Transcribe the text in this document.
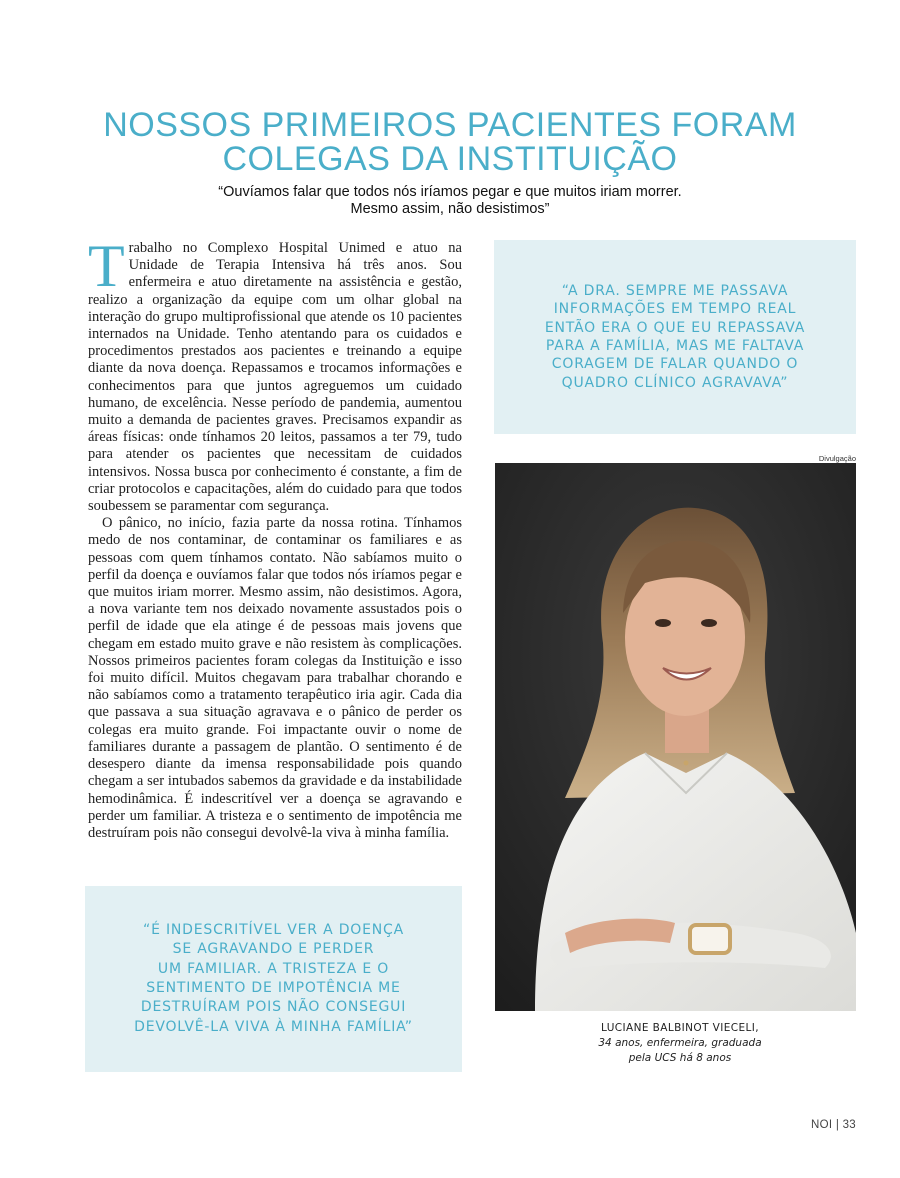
NOSSOS PRIMEIROS PACIENTES FORAM
COLEGAS DA INSTITUIÇÃO
“Ouvíamos falar que todos nós iríamos pegar e que muitos iriam morrer.
Mesmo assim, não desistimos”

Trabalho no Complexo Hospital Unimed e atuo na Unidade de Terapia Intensiva há três anos. Sou enfermeira e atuo diretamente na assistência e gestão, realizo a organização da equipe com um olhar global na interação do grupo multiprofissional que atende os 10 pacientes internados na Unidade. Tenho atentando para os cuidados e procedimentos prestados aos pacientes e treinando a equipe diante da nova doença. Repassamos e trocamos informações e conhecimentos para que juntos agreguemos um cuidado humano, de excelência. Nesse período de pandemia, aumentou muito a demanda de pacientes graves. Precisamos expandir as áreas físicas: onde tínhamos 20 leitos, passamos a ter 79, tudo para atender os pacientes que necessitam de cuidados intensivos. Nossa busca por conhecimento é constante, a fim de criar protocolos e capacitações, além do cuidado para que todos soubessem se paramentar com segurança.

O pânico, no início, fazia parte da nossa rotina. Tínhamos medo de nos contaminar, de contaminar os familiares e as pessoas com quem tínhamos contato. Não sabíamos muito o perfil da doença e ouvíamos falar que todos nós iríamos pegar e que muitos iriam morrer. Mesmo assim, não desistimos. Agora, a nova variante tem nos deixado novamente assustados pois o perfil de idade que ela atinge é de pessoas mais jovens que chegam em estado muito grave e não resistem às complicações. Nossos primeiros pacientes foram colegas da Instituição e isso foi muito difícil. Muitos chegavam para trabalhar chorando e não sabíamos como a tratamento terapêutico iria agir. Cada dia que passava a sua situação agravava e o pânico de perder os colegas era muito grande. Foi impactante ouvir o nome de familiares durante a passagem de plantão. O sentimento é de desespero diante da imensa responsabilidade pois quando chegam a ser intubados sabemos da gravidade e da instabilidade hemodinâmica. É indescritível ver a doença se agravando e perder um familiar. A tristeza e o sentimento de impotência me destruíram pois não consegui devolvê-la viva à minha família.

“A DRA. SEMPRE ME PASSAVA
INFORMAÇÕES EM TEMPO REAL
ENTÃO ERA O QUE EU REPASSAVA
PARA A FAMÍLIA, MAS ME FALTAVA
CORAGEM DE FALAR QUANDO O
QUADRO CLÍNICO AGRAVAVA”
Divulgação
LUCIANE BALBINOT VIECELI,
34 anos, enfermeira, graduada
pela UCS há 8 anos
“É INDESCRITÍVEL VER A DOENÇA
SE AGRAVANDO E PERDER
UM FAMILIAR. A TRISTEZA E O
SENTIMENTO DE IMPOTÊNCIA ME
DESTRUÍRAM POIS NÃO CONSEGUI
DEVOLVÊ-LA VIVA À MINHA FAMÍLIA”
NOI | 33
